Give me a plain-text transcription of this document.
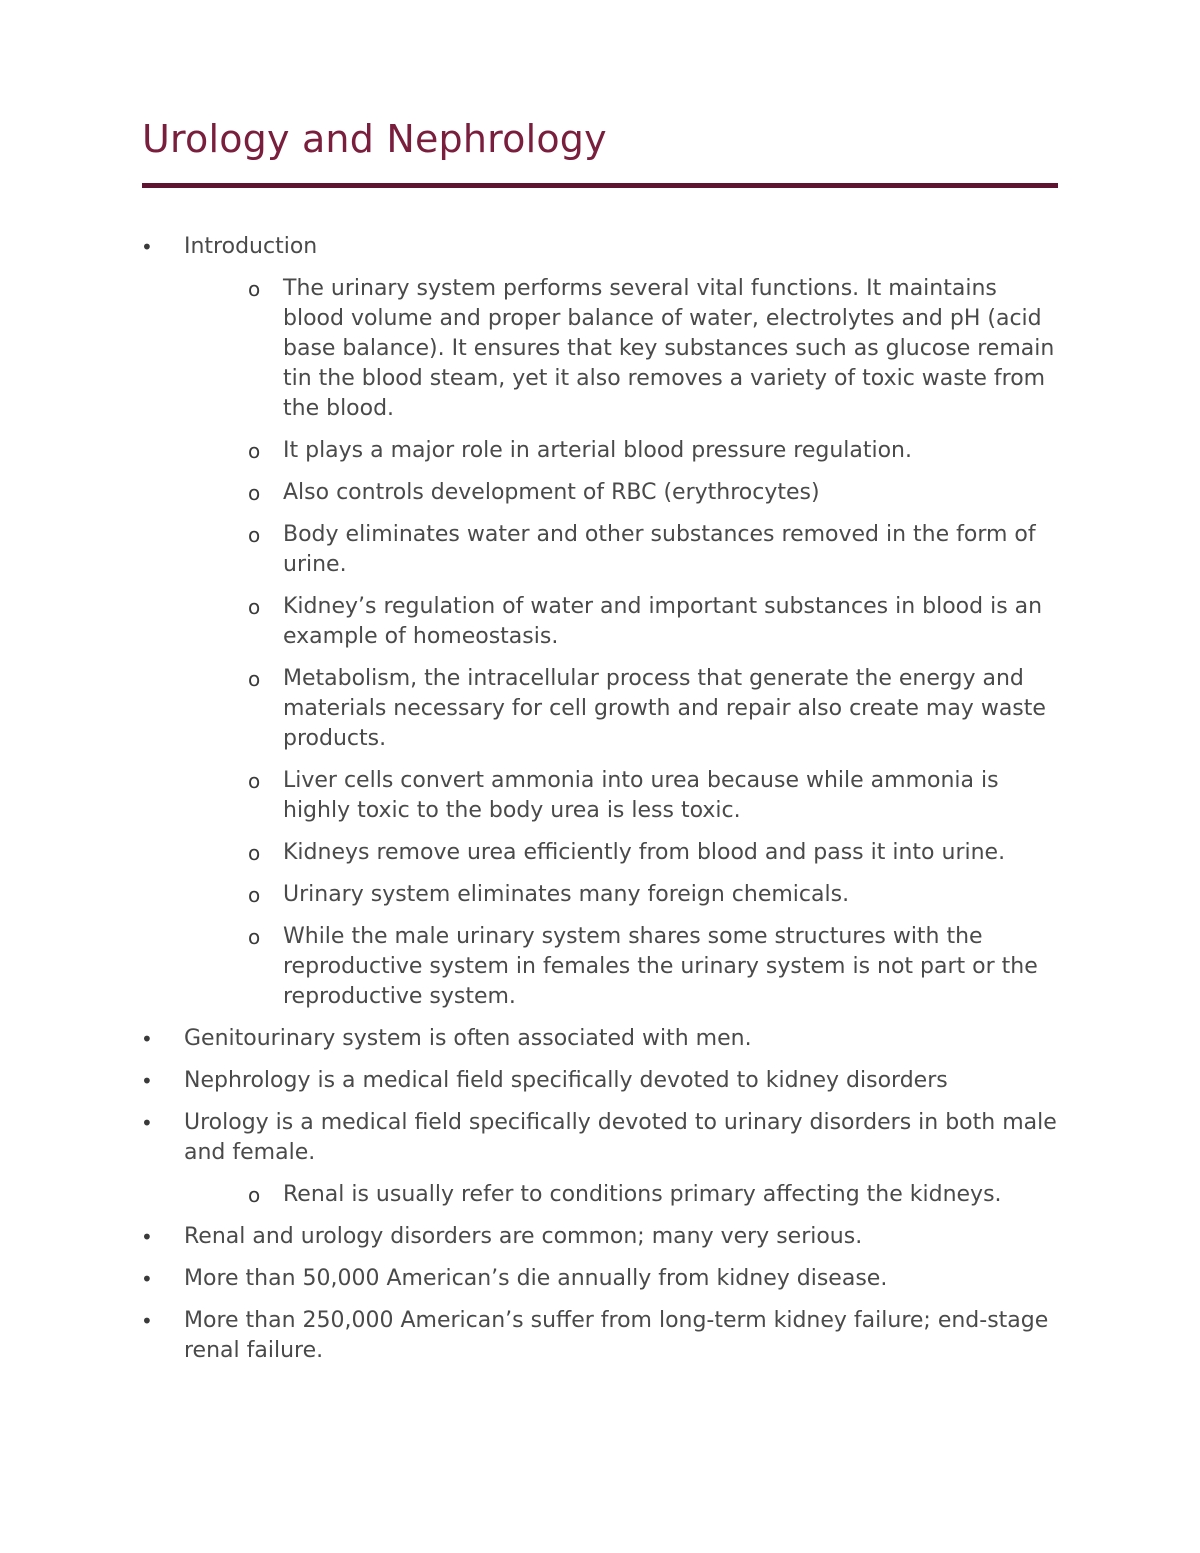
Urology and Nephrology
• Introduction
o The urinary system performs several vital functions. It maintains blood volume and proper balance of water, electrolytes and pH (acid base balance). It ensures that key substances such as glucose remain tin the blood steam, yet it also removes a variety of toxic waste from the blood.
o It plays a major role in arterial blood pressure regulation.
o Also controls development of RBC (erythrocytes)
o Body eliminates water and other substances removed in the form of urine.
o Kidney’s regulation of water and important substances in blood is an example of homeostasis.
o Metabolism, the intracellular process that generate the energy and materials necessary for cell growth and repair also create may waste products.
o Liver cells convert ammonia into urea because while ammonia is highly toxic to the body urea is less toxic.
o Kidneys remove urea efficiently from blood and pass it into urine.
o Urinary system eliminates many foreign chemicals.
o While the male urinary system shares some structures with the reproductive system in females the urinary system is not part or the reproductive system.
• Genitourinary system is often associated with men.
• Nephrology is a medical field specifically devoted to kidney disorders
• Urology is a medical field specifically devoted to urinary disorders in both male and female.
o Renal is usually refer to conditions primary affecting the kidneys.
• Renal and urology disorders are common; many very serious.
• More than 50,000 American’s die annually from kidney disease.
• More than 250,000 American’s suffer from long-term kidney failure; end-stage renal failure.
